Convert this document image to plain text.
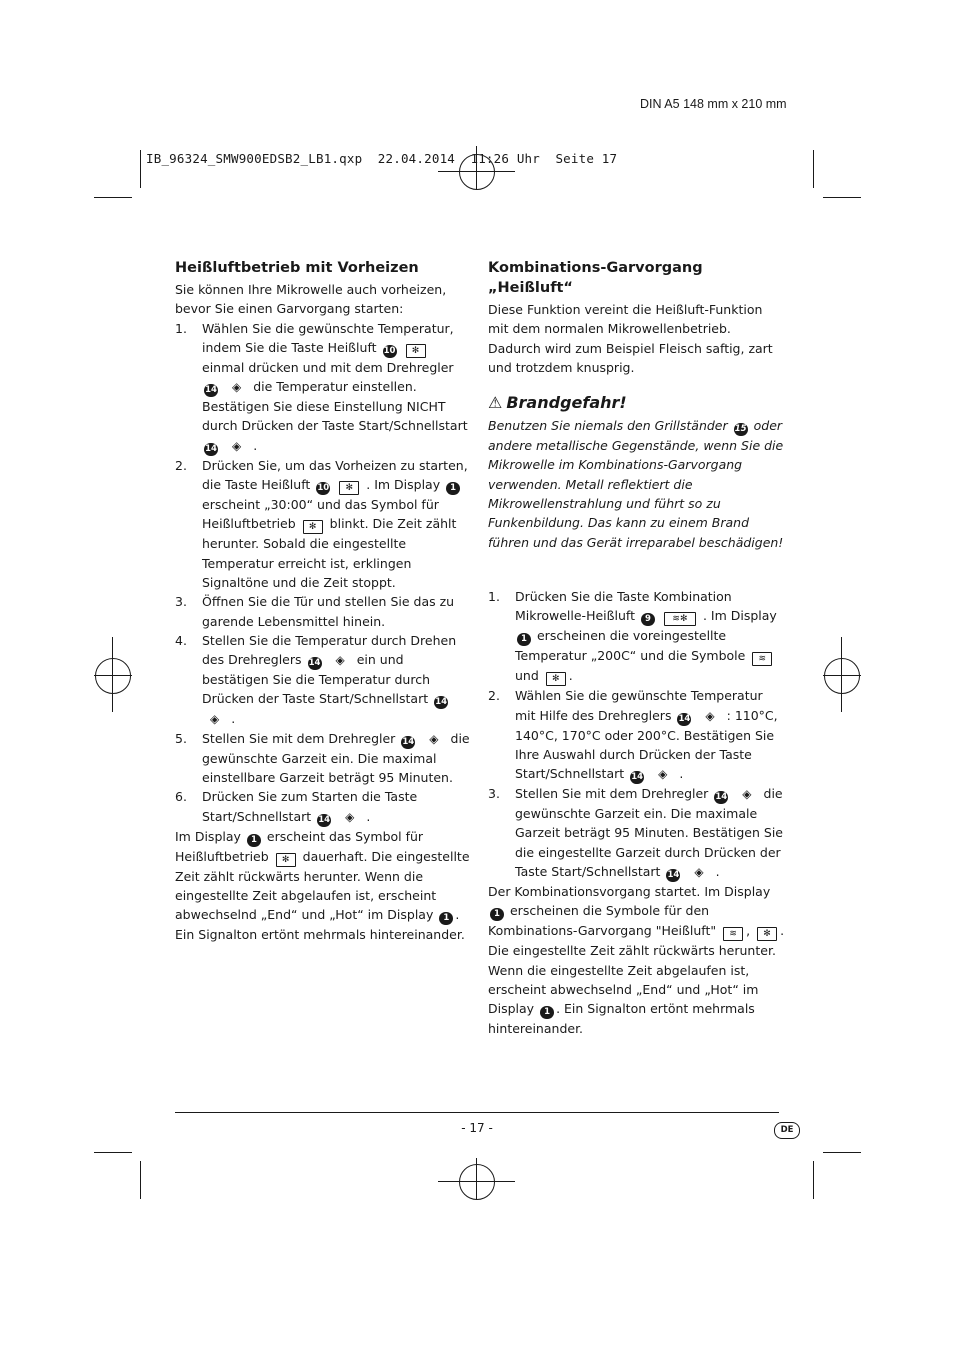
DIN A5 148 mm x 210 mm
IB_96324_SMW900EDSB2_LB1.qxp  22.04.2014  11:26 Uhr  Seite 17
Heißluftbetrieb mit Vorheizen

Sie können Ihre Mikrowelle auch vorheizen, bevor Sie einen Garvorgang starten:

1. Wählen Sie die gewünschte Temperatur, indem Sie die Taste Heißluft 10 ✻ einmal drücken und mit dem Drehregler 14 ◈ die Temperatur einstellen. Bestätigen Sie diese Einstellung NICHT durch Drücken der Taste Start/Schnellstart 14 ◈ .
2. Drücken Sie, um das Vorheizen zu starten, die Taste Heißluft 10 ✻ . Im Display 1 erscheint „30:00“ und das Symbol für Heißluftbetrieb ✻ blinkt. Die Zeit zählt herunter. Sobald die eingestellte Temperatur erreicht ist, erklingen Signaltöne und die Zeit stoppt.
3. Öffnen Sie die Tür und stellen Sie das zu garende Lebensmittel hinein.
4. Stellen Sie die Temperatur durch Drehen des Drehreglers 14 ◈ ein und bestätigen Sie die Temperatur durch Drücken der Taste Start/Schnellstart 14 ◈ .
5. Stellen Sie mit dem Drehregler 14 ◈ die gewünschte Garzeit ein. Die maximal einstellbare Garzeit beträgt 95 Minuten.
6. Drücken Sie zum Starten die Taste Start/Schnellstart 14 ◈ .

Im Display 1 erscheint das Symbol für Heißluftbetrieb ✻ dauerhaft. Die eingestellte Zeit zählt rückwärts herunter. Wenn die eingestellte Zeit abgelaufen ist, erscheint abwechselnd „End“ und „Hot“ im Display 1 . Ein Signalton ertönt mehrmals hintereinander.

Kombinations-Garvorgang „Heißluft“

Diese Funktion vereint die Heißluft-Funktion mit dem normalen Mikrowellenbetrieb. Dadurch wird zum Beispiel Fleisch saftig, zart und trotzdem knusprig.

⚠ Brandgefahr!

Benutzen Sie niemals den Grillständer 15 oder andere metallische Gegenstände, wenn Sie die Mikrowelle im Kombinations-Garvorgang verwenden. Metall reflektiert die Mikrowellenstrahlung und führt so zu Funkenbildung. Das kann zu einem Brand führen und das Gerät irreparabel beschädigen!

1. Drücken Sie die Taste Kombination Mikrowelle-Heißluft 9 ≋✻ . Im Display 1 erscheinen die voreingestellte Temperatur „200C“ und die Symbole ≋ und ✻ .
2. Wählen Sie die gewünschte Temperatur mit Hilfe des Drehreglers 14 ◈ : 110°C, 140°C, 170°C oder 200°C. Bestätigen Sie Ihre Auswahl durch Drücken der Taste Start/Schnellstart 14 ◈ .
3. Stellen Sie mit dem Drehregler 14 ◈ die gewünschte Garzeit ein. Die maximale Garzeit beträgt 95 Minuten. Bestätigen Sie die eingestellte Garzeit durch Drücken der Taste Start/Schnellstart 14 ◈ .

Der Kombinationsvorgang startet. Im Display 1 erscheinen die Symbole für den Kombinations-Garvorgang "Heißluft" ≋ , ✻ . Die eingestellte Zeit zählt rückwärts herunter. Wenn die eingestellte Zeit abgelaufen ist, erscheint abwechselnd „End“ und „Hot“ im Display 1 . Ein Signalton ertönt mehrmals hintereinander.

- 17 -	DE
